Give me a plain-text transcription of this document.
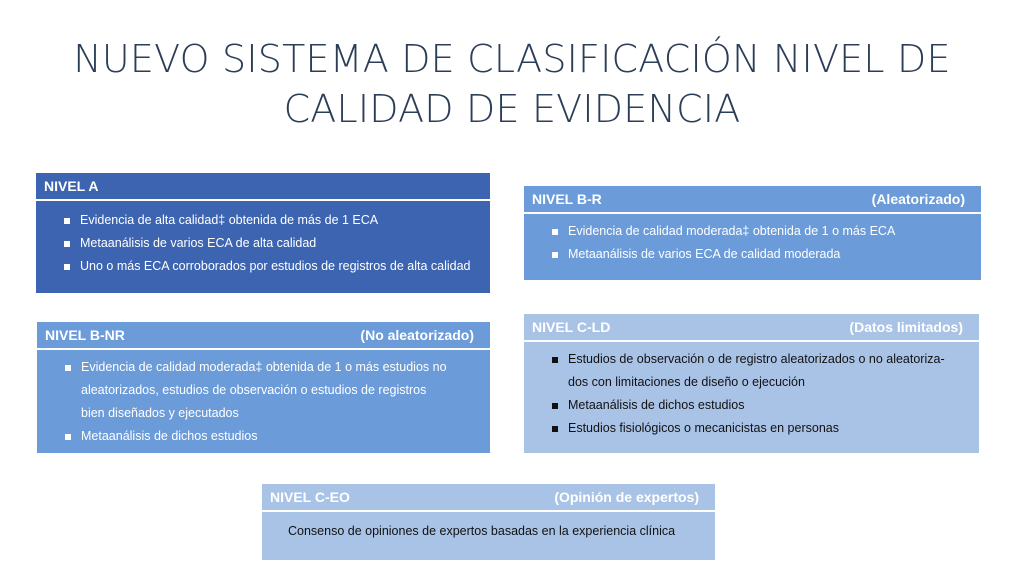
NUEVO SISTEMA DE CLASIFICACIÓN NIVEL DE
CALIDAD DE EVIDENCIA
NIVEL A
Evidencia de alta calidad‡ obtenida de más de 1 ECA
Metaanálisis de varios ECA de alta calidad
Uno o más ECA corroborados por estudios de registros de alta calidad
NIVEL B-R	(Aleatorizado)
Evidencia de calidad moderada‡ obtenida de 1 o más ECA
Metaanálisis de varios ECA de calidad moderada
NIVEL B-NR	(No aleatorizado)
Evidencia de calidad moderada‡ obtenida de 1 o más estudios no aleatorizados, estudios de observación o estudios de registros bien diseñados y ejecutados
Metaanálisis de dichos estudios
NIVEL C-LD	(Datos limitados)
Estudios de observación o de registro aleatorizados o no aleatoriza-dos con limitaciones de diseño o ejecución
Metaanálisis de dichos estudios
Estudios fisiológicos o mecanicistas en personas
NIVEL C-EO	(Opinión de expertos)
Consenso de opiniones de expertos basadas en la experiencia clínica
